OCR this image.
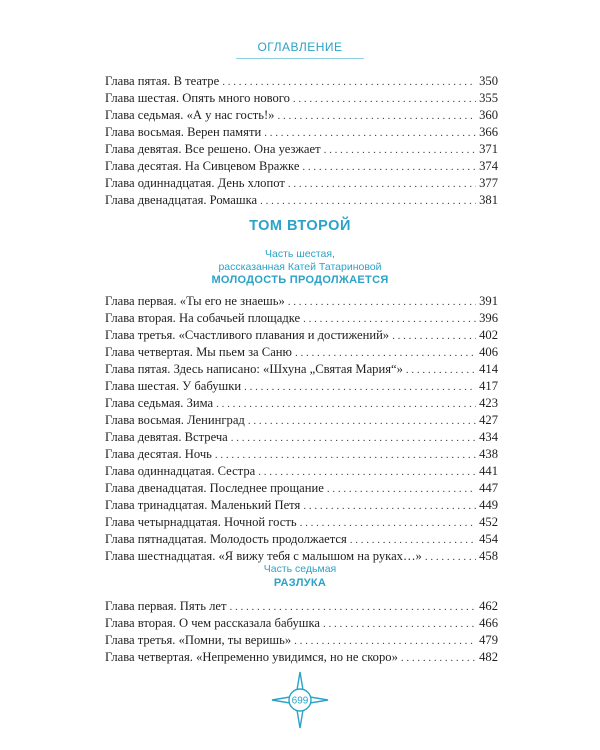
ОГЛАВЛЕНИЕ
Глава пятая. В театре . . .	350
Глава шестая. Опять много нового . . .	355
Глава седьмая. «А у нас гость!» . . .	360
Глава восьмая. Верен памяти . . .	366
Глава девятая. Все решено. Она уезжает . . .	371
Глава десятая. На Сивцевом Вражке . . .	374
Глава одиннадцатая. День хлопот . . .	377
Глава двенадцатая. Ромашка . . .	381
ТОМ ВТОРОЙ
Часть шестая,
рассказанная Катей Татариновой
МОЛОДОСТЬ ПРОДОЛЖАЕТСЯ
Глава первая. «Ты его не знаешь» . . .	391
Глава вторая. На собачьей площадке . . .	396
Глава третья. «Счастливого плавания и достижений» . . .	402
Глава четвертая. Мы пьем за Саню . . .	406
Глава пятая. Здесь написано: «Шхуна „Святая Мария“» . . .	414
Глава шестая. У бабушки . . .	417
Глава седьмая. Зима . . .	423
Глава восьмая. Ленинград . . .	427
Глава девятая. Встреча . . .	434
Глава десятая. Ночь . . .	438
Глава одиннадцатая. Сестра . . .	441
Глава двенадцатая. Последнее прощание . . .	447
Глава тринадцатая. Маленький Петя . . .	449
Глава четырнадцатая. Ночной гость . . .	452
Глава пятнадцатая. Молодость продолжается . . .	454
Глава шестнадцатая. «Я вижу тебя с малышом на руках…» . . .	458
Часть седьмая
РАЗЛУКА
Глава первая. Пять лет . . .	462
Глава вторая. О чем рассказала бабушка . . .	466
Глава третья. «Помни, ты веришь» . . .	479
Глава четвертая. «Непременно увидимся, но не скоро» . . .	482
699
